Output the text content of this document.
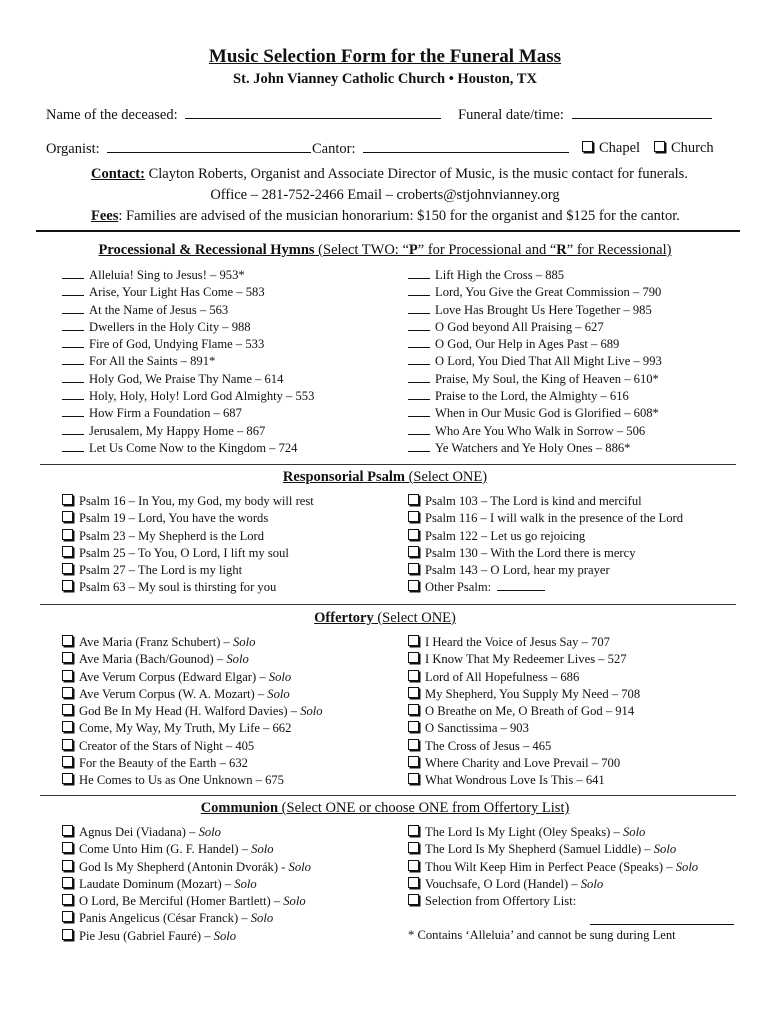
Music Selection Form for the Funeral Mass
St. John Vianney Catholic Church • Houston, TX
Name of the deceased:	Funeral date/time:
Organist:	Cantor:	Chapel	Church
Contact: Clayton Roberts, Organist and Associate Director of Music, is the music contact for funerals.
Office – 281-752-2466 Email – croberts@stjohnvianney.org
Fees: Families are advised of the musician honorarium: $150 for the organist and $125 for the cantor.
Processional & Recessional Hymns (Select TWO: “P” for Processional and “R” for Recessional)
Alleluia! Sing to Jesus! – 953*
Arise, Your Light Has Come – 583
At the Name of Jesus – 563
Dwellers in the Holy City – 988
Fire of God, Undying Flame – 533
For All the Saints – 891*
Holy God, We Praise Thy Name – 614
Holy, Holy, Holy! Lord God Almighty – 553
How Firm a Foundation – 687
Jerusalem, My Happy Home – 867
Let Us Come Now to the Kingdom – 724
Lift High the Cross – 885
Lord, You Give the Great Commission – 790
Love Has Brought Us Here Together – 985
O God beyond All Praising – 627
O God, Our Help in Ages Past – 689
O Lord, You Died That All Might Live – 993
Praise, My Soul, the King of Heaven – 610*
Praise to the Lord, the Almighty – 616
When in Our Music God is Glorified – 608*
Who Are You Who Walk in Sorrow – 506
Ye Watchers and Ye Holy Ones – 886*
Responsorial Psalm (Select ONE)
Psalm 16 – In You, my God, my body will rest
Psalm 19 – Lord, You have the words
Psalm 23 – My Shepherd is the Lord
Psalm 25 – To You, O Lord, I lift my soul
Psalm 27 – The Lord is my light
Psalm 63 – My soul is thirsting for you
Psalm 103 – The Lord is kind and merciful
Psalm 116 – I will walk in the presence of the Lord
Psalm 122 – Let us go rejoicing
Psalm 130 – With the Lord there is mercy
Psalm 143 – O Lord, hear my prayer
Other Psalm:
Offertory (Select ONE)
Ave Maria (Franz Schubert) – Solo
Ave Maria (Bach/Gounod) – Solo
Ave Verum Corpus (Edward Elgar) – Solo
Ave Verum Corpus (W. A. Mozart) – Solo
God Be In My Head (H. Walford Davies) – Solo
Come, My Way, My Truth, My Life – 662
Creator of the Stars of Night – 405
For the Beauty of the Earth – 632
He Comes to Us as One Unknown – 675
I Heard the Voice of Jesus Say – 707
I Know That My Redeemer Lives – 527
Lord of All Hopefulness – 686
My Shepherd, You Supply My Need – 708
O Breathe on Me, O Breath of God – 914
O Sanctissima – 903
The Cross of Jesus – 465
Where Charity and Love Prevail – 700
What Wondrous Love Is This – 641
Communion (Select ONE or choose ONE from Offertory List)
Agnus Dei (Viadana) – Solo
Come Unto Him (G. F. Handel) – Solo
God Is My Shepherd (Antonin Dvorák) - Solo
Laudate Dominum (Mozart) – Solo
O Lord, Be Merciful (Homer Bartlett) – Solo
Panis Angelicus (César Franck) – Solo
Pie Jesu (Gabriel Fauré) – Solo
The Lord Is My Light (Oley Speaks) – Solo
The Lord Is My Shepherd (Samuel Liddle) – Solo
Thou Wilt Keep Him in Perfect Peace (Speaks) – Solo
Vouchsafe, O Lord (Handel) – Solo
Selection from Offertory List:
* Contains ‘Alleluia’ and cannot be sung during Lent
